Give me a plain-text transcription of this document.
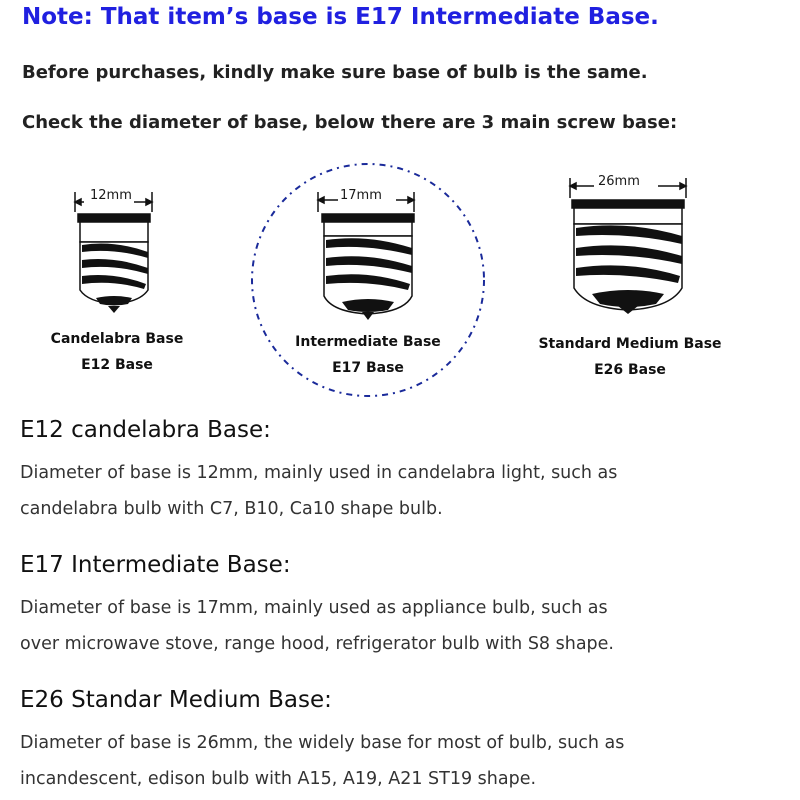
Note: That item’s base is E17 Intermediate Base.
Before purchases, kindly make sure base of bulb is the same.
Check the diameter of base, below there are 3 main screw base:
12mm
Candelabra Base
E12 Base
17mm
Intermediate Base
E17 Base
26mm
Standard Medium Base
E26 Base
E12 candelabra Base:
Diameter of base is 12mm, mainly used in candelabra light, such as
candelabra bulb with C7, B10, Ca10 shape bulb.
E17 Intermediate Base:
Diameter of base is 17mm, mainly used as appliance bulb, such as
over microwave stove, range hood, refrigerator bulb with S8 shape.
E26 Standar Medium Base:
Diameter of base is 26mm, the widely base for most of bulb, such as
incandescent, edison bulb with A15, A19, A21 ST19 shape.
